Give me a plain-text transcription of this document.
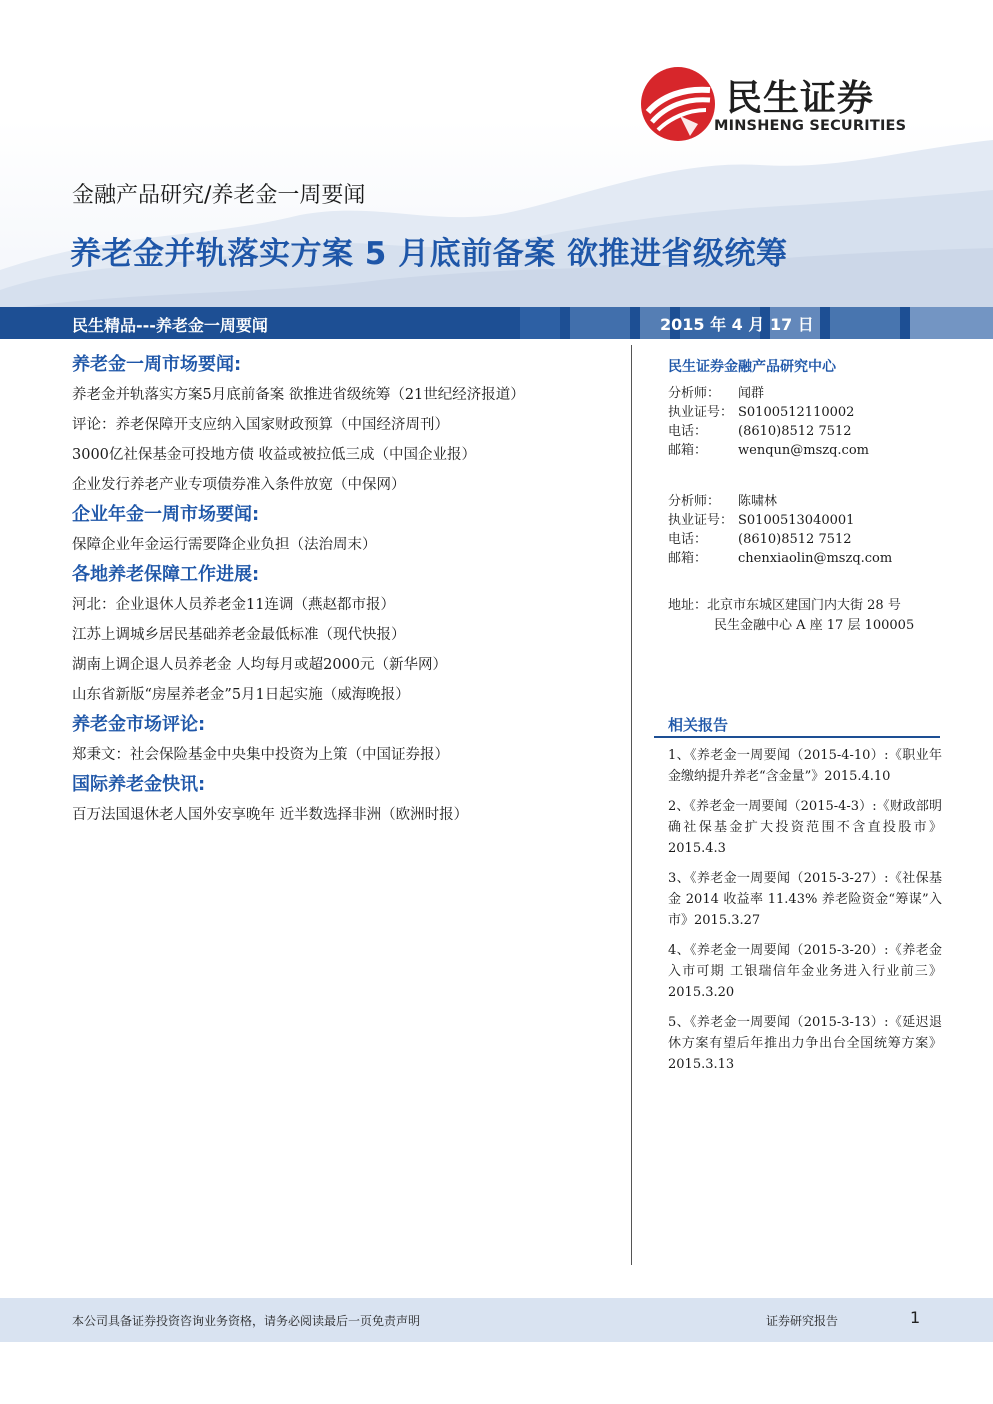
民生证券
MINSHENG SECURITIES
金融产品研究/养老金一周要闻
养老金并轨落实方案 5 月底前备案 欲推进省级统筹
民生精品---养老金一周要闻	2015 年 4 月 17 日
养老金一周市场要闻:
养老金并轨落实方案5月底前备案 欲推进省级统筹（21世纪经济报道）
评论：养老保障开支应纳入国家财政预算（中国经济周刊）
3000亿社保基金可投地方债 收益或被拉低三成（中国企业报）
企业发行养老产业专项债券准入条件放宽（中保网）
企业年金一周市场要闻:
保障企业年金运行需要降企业负担（法治周末）
各地养老保障工作进展:
河北：企业退休人员养老金11连调（燕赵都市报）
江苏上调城乡居民基础养老金最低标准（现代快报）
湖南上调企退人员养老金 人均每月或超2000元（新华网）
山东省新版“房屋养老金”5月1日起实施（威海晚报）
养老金市场评论:
郑秉文：社会保险基金中央集中投资为上策（中国证券报）
国际养老金快讯:
百万法国退休老人国外安享晚年 近半数选择非洲（欧洲时报）
民生证券金融产品研究中心
分析师： 闻群
执业证号： S0100512110002
电话： (8610)8512 7512
邮箱： wenqun@mszq.com
分析师： 陈啸林
执业证号： S0100513040001
电话： (8610)8512 7512
邮箱： chenxiaolin@mszq.com
地址：北京市东城区建国门内大街 28 号
民生金融中心 A 座 17 层 100005
相关报告
1、《养老金一周要闻（2015-4-10）:《职业年金缴纳提升养老“含金量”》2015.4.10
2、《养老金一周要闻（2015-4-3）:《财政部明确社保基金扩大投资范围不含直投股市》2015.4.3
3、《养老金一周要闻（2015-3-27）:《社保基金 2014 收益率 11.43% 养老险资金“筹谋”入市》2015.3.27
4、《养老金一周要闻（2015-3-20）:《养老金入市可期 工银瑞信年金业务进入行业前三》2015.3.20
5、《养老金一周要闻（2015-3-13）:《延迟退休方案有望后年推出力争出台全国统筹方案》2015.3.13
本公司具备证券投资咨询业务资格，请务必阅读最后一页免责声明	证券研究报告	1
